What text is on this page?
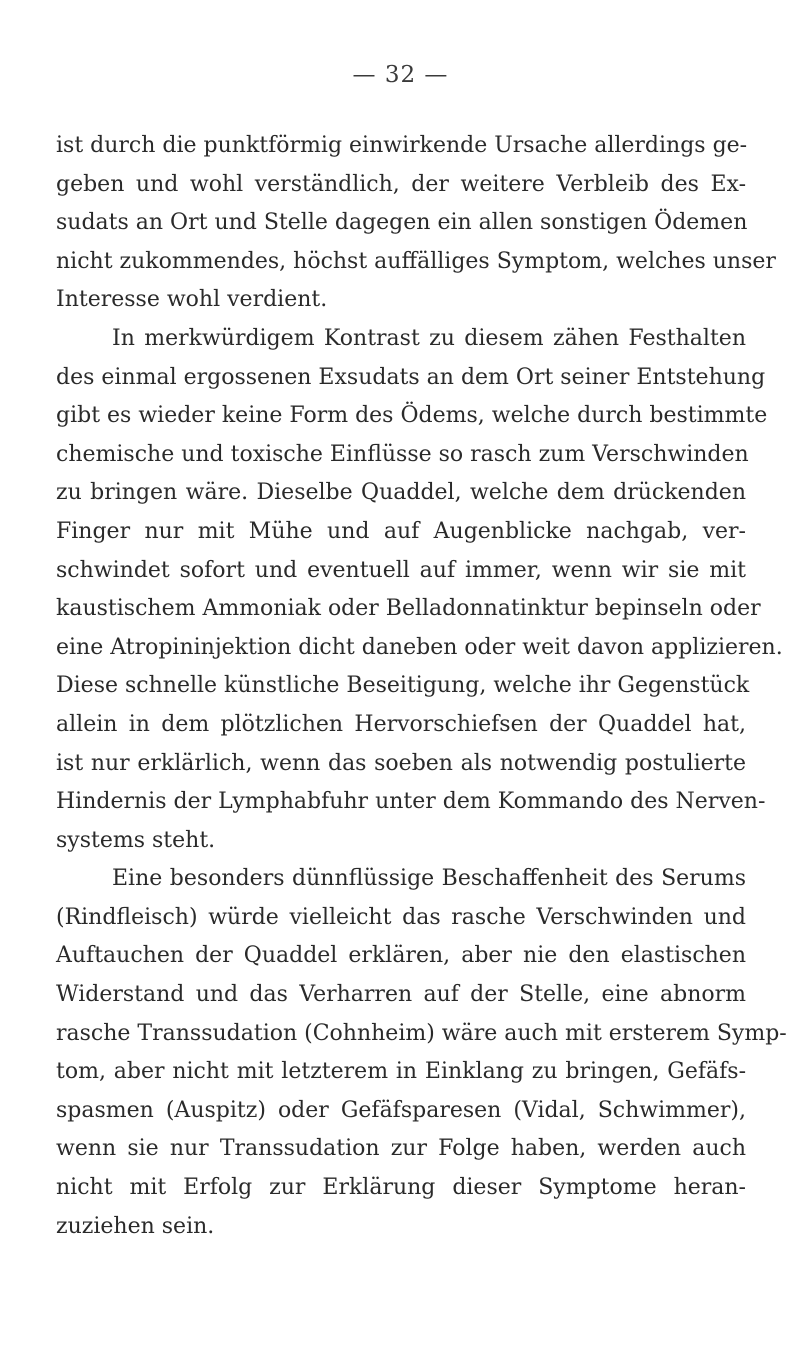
— 32 —
ist durch die punktförmig einwirkende Ursache allerdings ge-
geben und wohl verständlich, der weitere Verbleib des Ex-
sudats an Ort und Stelle dagegen ein allen sonstigen Ödemen
nicht zukommendes, höchst auffälliges Symptom, welches unser
Interesse wohl verdient.
In merkwürdigem Kontrast zu diesem zähen Festhalten
des einmal ergossenen Exsudats an dem Ort seiner Entstehung
gibt es wieder keine Form des Ödems, welche durch bestimmte
chemische und toxische Einflüsse so rasch zum Verschwinden
zu bringen wäre. Dieselbe Quaddel, welche dem drückenden
Finger nur mit Mühe und auf Augenblicke nachgab, ver-
schwindet sofort und eventuell auf immer, wenn wir sie mit
kaustischem Ammoniak oder Belladonnatinktur bepinseln oder
eine Atropininjektion dicht daneben oder weit davon applizieren.
Diese schnelle künstliche Beseitigung, welche ihr Gegenstück
allein in dem plötzlichen Hervorschiefsen der Quaddel hat,
ist nur erklärlich, wenn das soeben als notwendig postulierte
Hindernis der Lymphabfuhr unter dem Kommando des Nerven-
systems steht.
Eine besonders dünnflüssige Beschaffenheit des Serums
(Rindfleisch) würde vielleicht das rasche Verschwinden und
Auftauchen der Quaddel erklären, aber nie den elastischen
Widerstand und das Verharren auf der Stelle, eine abnorm
rasche Transsudation (Cohnheim) wäre auch mit ersterem Symp-
tom, aber nicht mit letzterem in Einklang zu bringen, Gefäfs-
spasmen (Auspitz) oder Gefäfsparesen (Vidal, Schwimmer),
wenn sie nur Transsudation zur Folge haben, werden auch
nicht mit Erfolg zur Erklärung dieser Symptome heran-
zuziehen sein.
